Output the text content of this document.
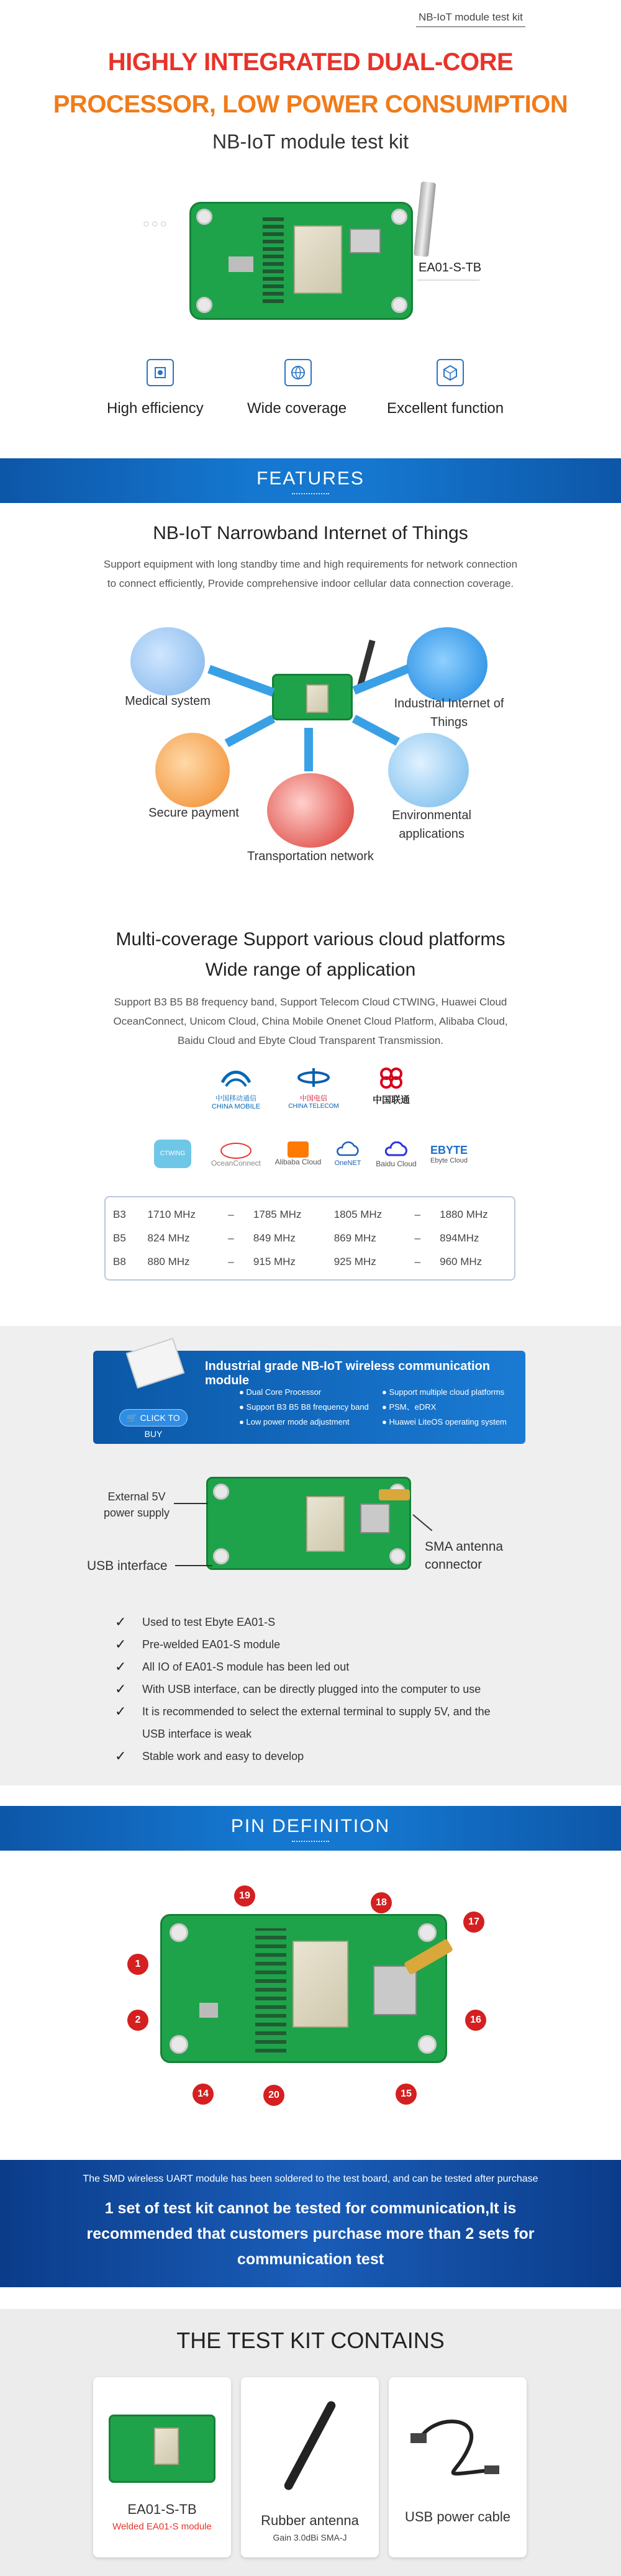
NB-IoT module test kit
HIGHLY INTEGRATED DUAL-CORE
PROCESSOR, LOW POWER CONSUMPTION
NB-IoT module test kit
○○○
EA01-S-TB
High efficiency	Wide coverage	Excellent function
FEATURES
NB-IoT Narrowband Internet of Things
Support equipment with long standby time and high requirements for network connection to connect efficiently, Provide comprehensive indoor cellular data connection coverage.
Medical system	Industrial Internet of Things
Secure payment	Environmental applications
Transportation network
Multi-coverage Support various cloud platforms
Wide range of application
Support B3 B5 B8 frequency band, Support Telecom Cloud CTWING, Huawei Cloud OceanConnect, Unicom Cloud, China Mobile Onenet Cloud Platform, Alibaba Cloud, Baidu Cloud and Ebyte Cloud Transparent Transmission.
中国移动通信
CHINA MOBILE
中国电信
CHINA TELECOM
中国联通
CTWING
OceanConnect	Alibaba Cloud	OneNET	Baidu Cloud
EBYTE
Ebyte Cloud
B3	1710 MHz	–	1785 MHz	1805 MHz	–	1880 MHz
B5	824 MHz	–	849 MHz	869 MHz	–	894MHz
B8	880 MHz	–	915 MHz	925 MHz	–	960 MHz
Industrial grade NB-IoT wireless communication module
🛒 CLICK TO BUY
● Dual Core Processor
● Support B3 B5 B8 frequency band
● Low power mode adjustment
● Support multiple cloud platforms
● PSM、eDRX
● Huawei LiteOS operating system
External 5V power supply
USB interface
SMA antenna connector
✓ Used to test Ebyte EA01-S
✓ Pre-welded EA01-S module
✓ All IO of EA01-S module has been led out
✓ With USB interface, can be directly plugged into the computer to use
✓ It is recommended to select the external terminal to supply 5V, and the USB interface is weak
✓ Stable work and easy to develop
PIN DEFINITION
19
18
17
1
2	16
14	20	15
The SMD wireless UART module has been soldered to the test board, and can be tested after purchase
1 set of test kit cannot be tested for communication,It is recommended that customers purchase more than 2 sets for communication test
THE TEST KIT CONTAINS
EA01-S-TB
Welded EA01-S module	Rubber antenna
Gain 3.0dBi SMA-J
USB power cable
